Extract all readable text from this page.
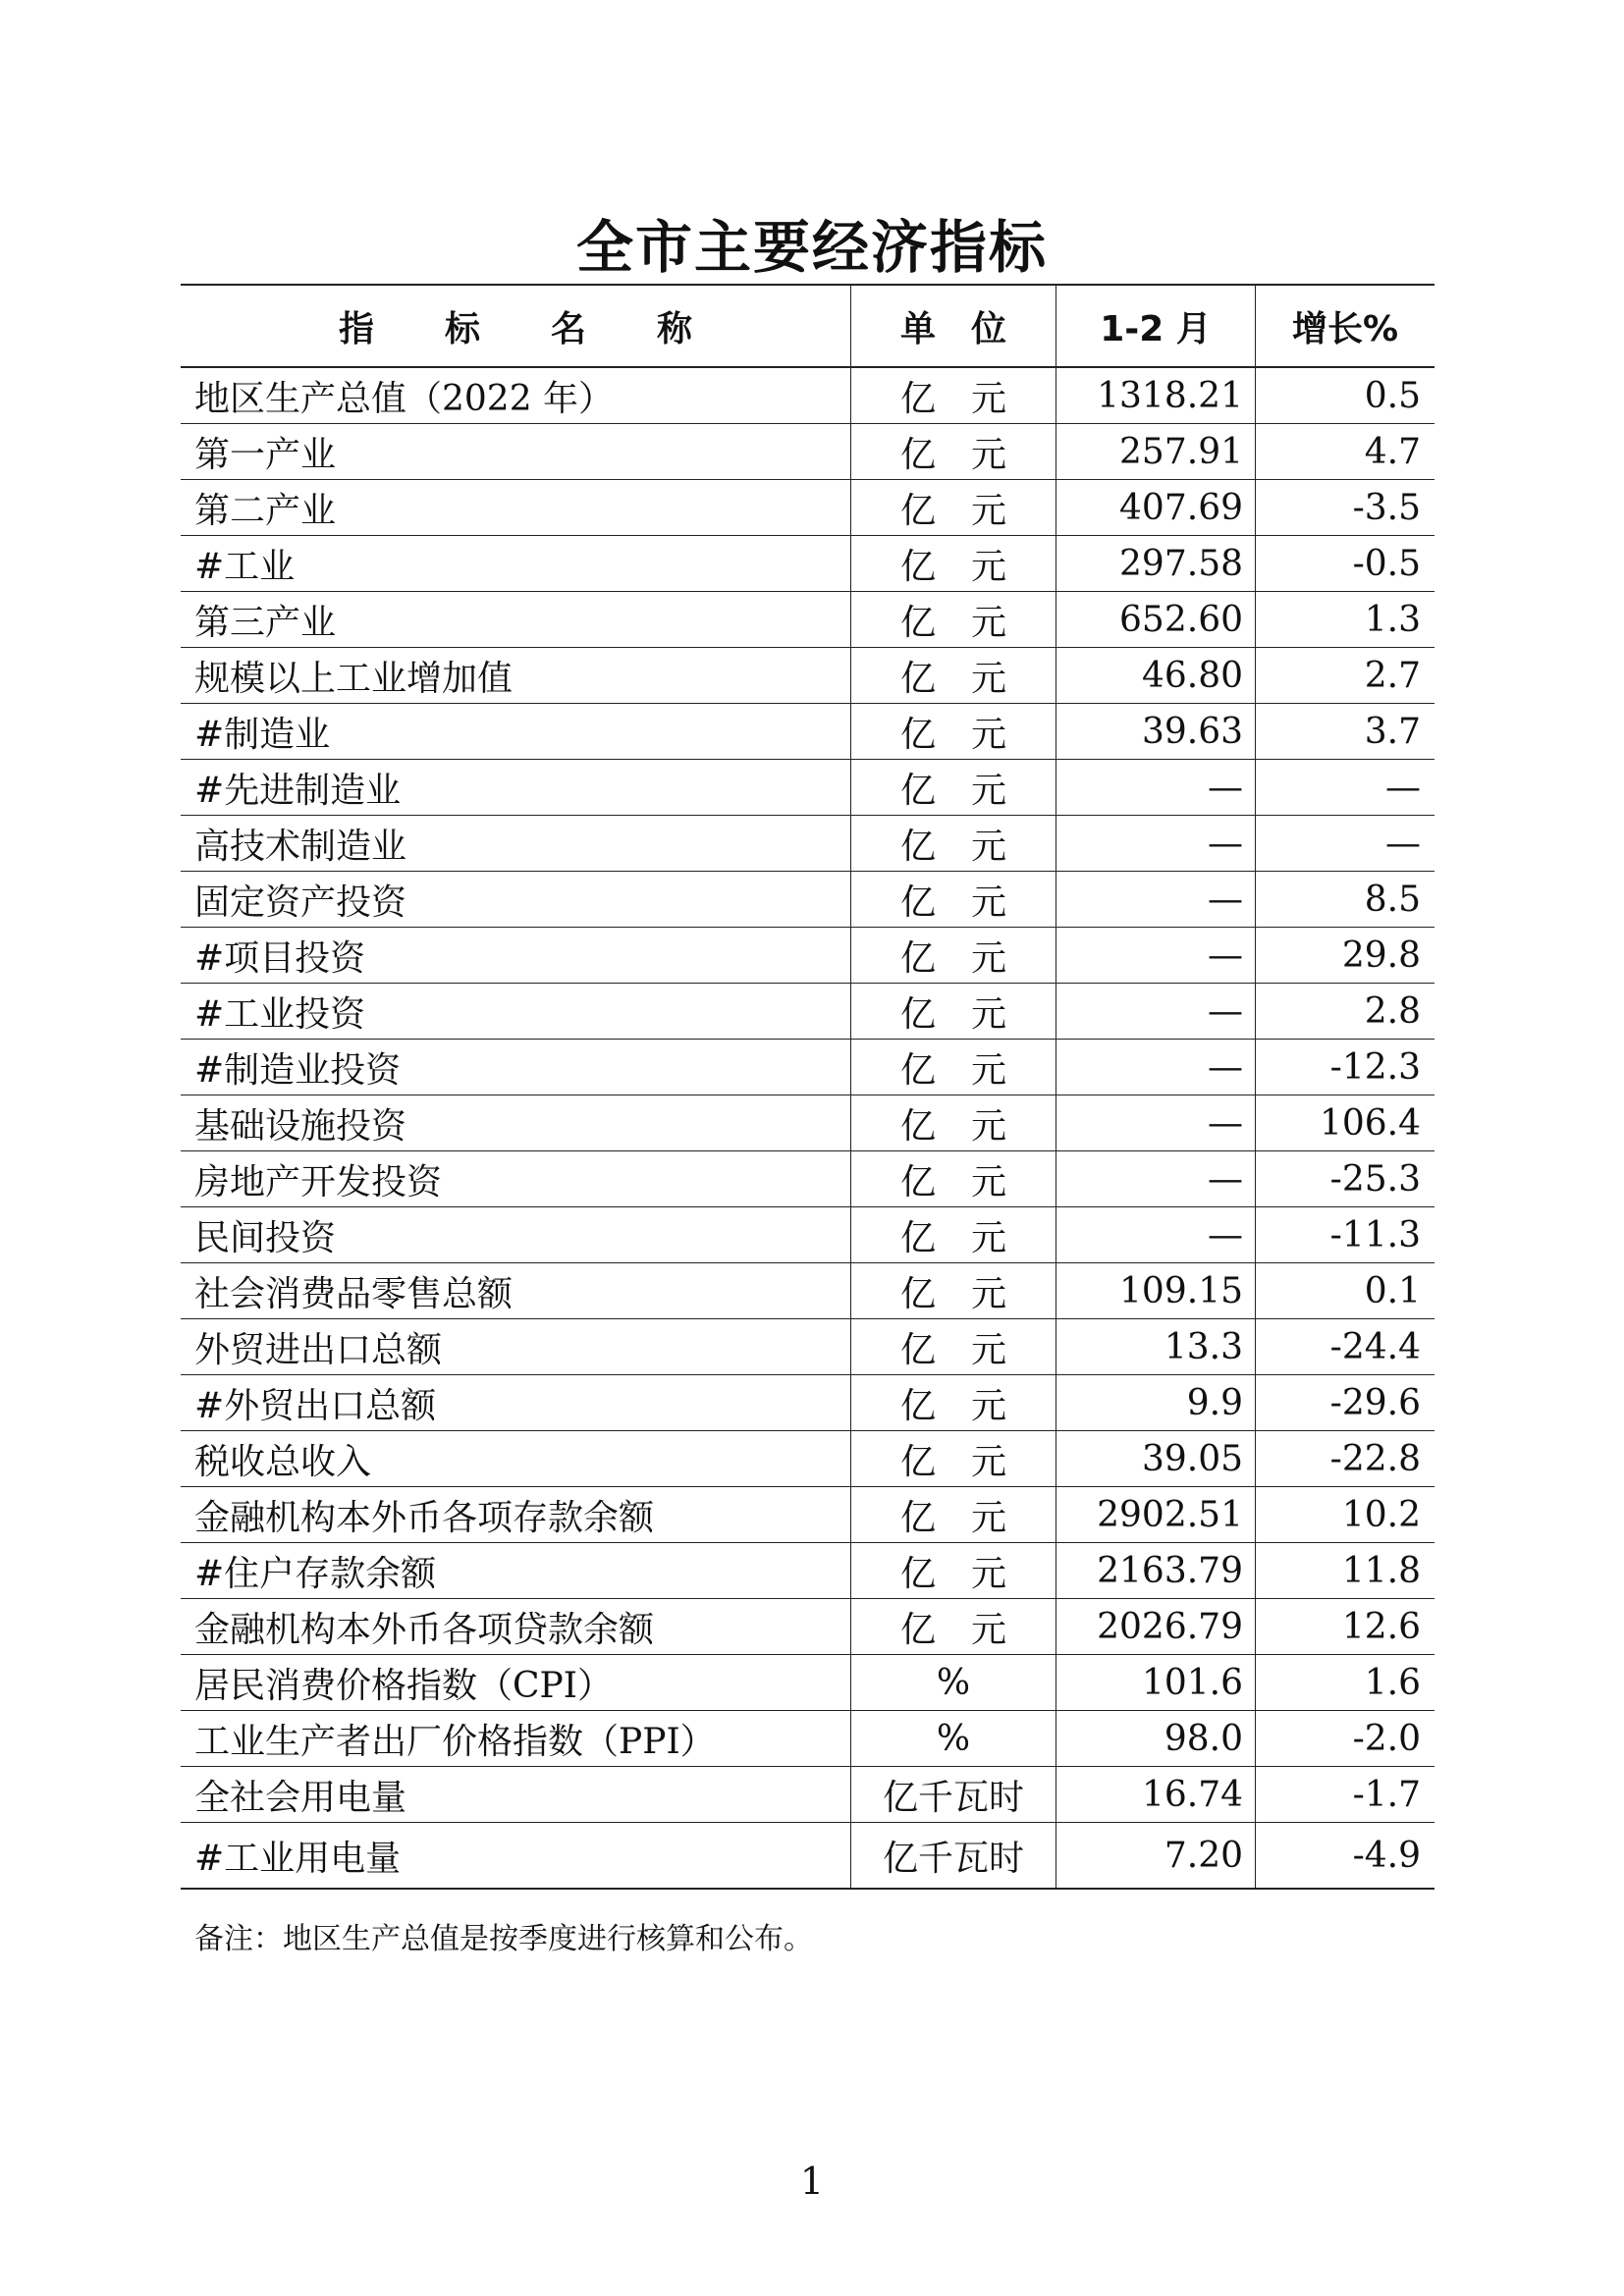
全市主要经济指标
指　　标　　名　　称	单　位	1-2 月	增长%
地区生产总值（2022 年）	亿　元	1318.21	0.5
第一产业	亿　元	257.91	4.7
第二产业	亿　元	407.69	-3.5
#工业	亿　元	297.58	-0.5
第三产业	亿　元	652.60	1.3
规模以上工业增加值	亿　元	46.80	2.7
#制造业	亿　元	39.63	3.7
#先进制造业	亿　元	—	—
高技术制造业	亿　元	—	—
固定资产投资	亿　元	—	8.5
#项目投资	亿　元	—	29.8
#工业投资	亿　元	—	2.8
#制造业投资	亿　元	—	-12.3
基础设施投资	亿　元	—	106.4
房地产开发投资	亿　元	—	-25.3
民间投资	亿　元	—	-11.3
社会消费品零售总额	亿　元	109.15	0.1
外贸进出口总额	亿　元	13.3	-24.4
#外贸出口总额	亿　元	9.9	-29.6
税收总收入	亿　元	39.05	-22.8
金融机构本外币各项存款余额	亿　元	2902.51	10.2
#住户存款余额	亿　元	2163.79	11.8
金融机构本外币各项贷款余额	亿　元	2026.79	12.6
居民消费价格指数（CPI）	%	101.6	1.6
工业生产者出厂价格指数（PPI）	%	98.0	-2.0
全社会用电量	亿千瓦时	16.74	-1.7
#工业用电量	亿千瓦时	7.20	-4.9
备注：地区生产总值是按季度进行核算和公布。
1
